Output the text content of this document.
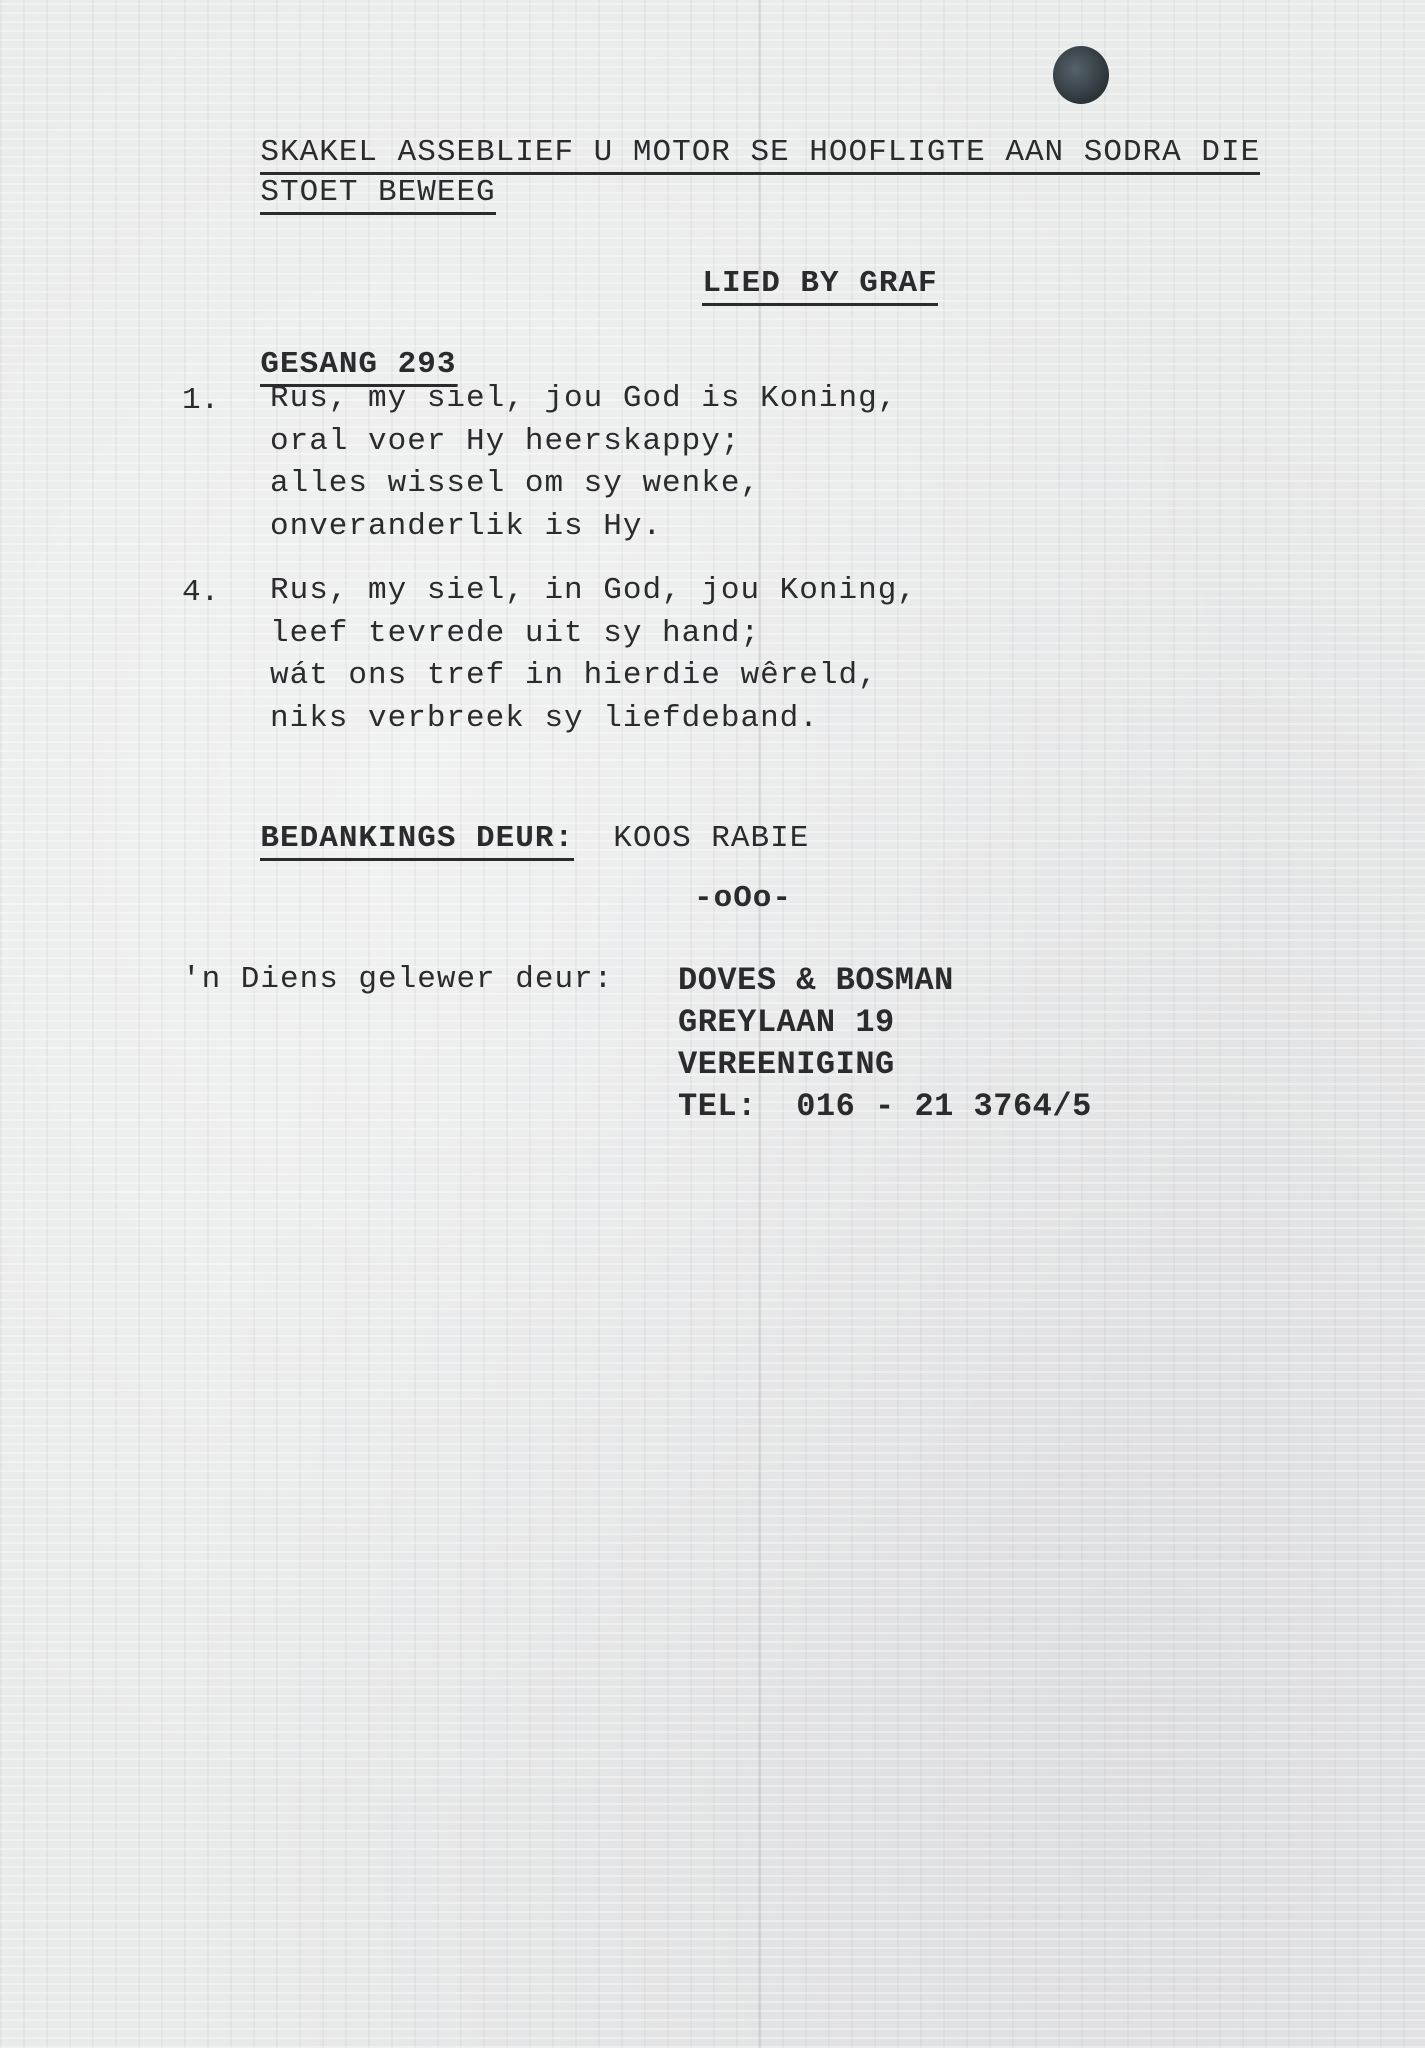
SKAKEL ASSEBLIEF U MOTOR SE HOOFLIGTE AAN SODRA DIE

STOET BEWEEG

LIED BY GRAF

GESANG 293

1. Rus, my siel, jou God is Koning,
oral voer Hy heerskappy;
alles wissel om sy wenke,
onveranderlik is Hy.
4. Rus, my siel, in God, jou Koning,
leef tevrede uit sy hand;
wát ons tref in hierdie wêreld,
niks verbreek sy liefdeband.

BEDANKINGS DEUR: KOOS RABIE

-oOo-
'n Diens gelewer deur: DOVES & BOSMAN
GREYLAAN 19
VEREENIGING
TEL:  016 - 21 3764/5
